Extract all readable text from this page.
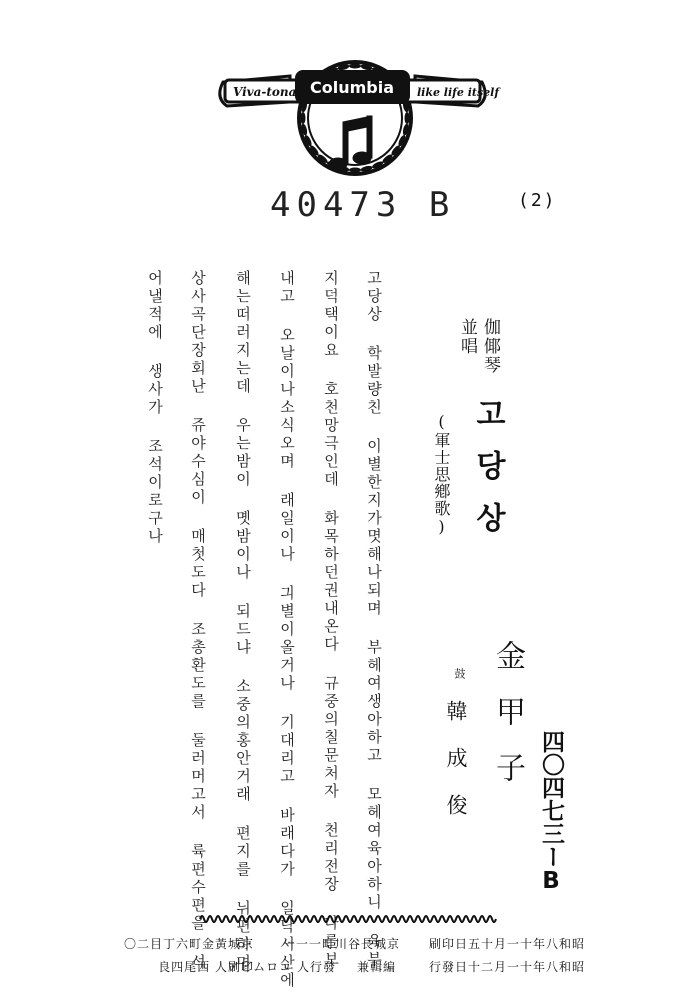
Viva-tonal Columbia like life itself
40473 B	(2)
고당상 학발량친 이별한지가몃해나되며 부헤여생아하고 모헤여육아하니 육부
지덕택이요 호천망극인데 화목하던권내온다 규중의칠문처자 천리전장 나를보
내고 오날이나소식오며 래일이나 긔별이올거나 기대리고 바래다가 일낙서산에
해는떠러지는데 우는밤이 몟밤이나 되드냐 소중의홍안거래 편지를 뉘편하며
상사곡단장회난 쥬야수심이 매첫도다 조총환도를 둘러머고서 륙편수편을 석
어낼적에 생사가 조석이로구나	伽倻琴
並唱
고당상
(軍士思鄕歌)
金甲子
鼓
韓成俊	四〇四七三ーB
昭和八年十一月十五日印刷
昭和八年十一月二十日發行
京城長谷川町一一一
編輯兼
發行人 コロムビア
京城黃金町六丁目二〇
印刷人 西尾四良
